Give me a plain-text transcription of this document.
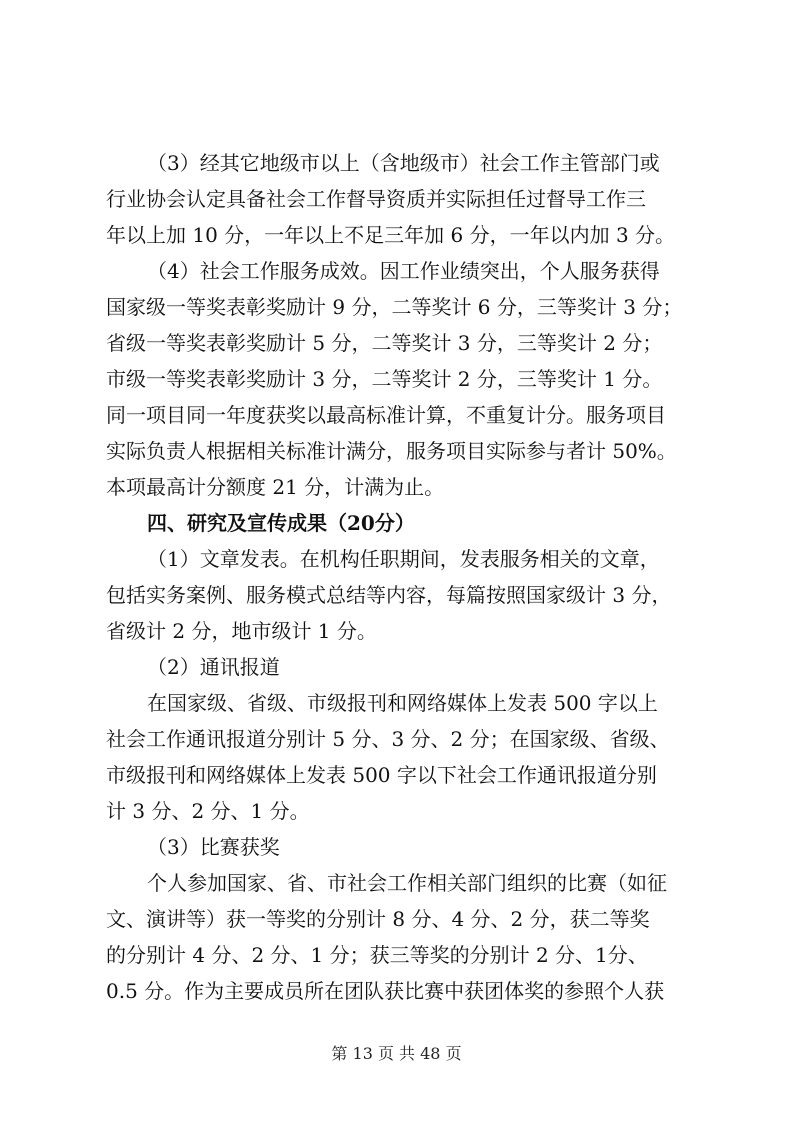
（3）经其它地级市以上（含地级市）社会工作主管部门或
行业协会认定具备社会工作督导资质并实际担任过督导工作三
年以上加 10 分，一年以上不足三年加 6 分，一年以内加 3 分。
（4）社会工作服务成效。因工作业绩突出，个人服务获得
国家级一等奖表彰奖励计 9 分，二等奖计 6 分，三等奖计 3 分；
省级一等奖表彰奖励计 5 分，二等奖计 3 分，三等奖计 2 分；
市级一等奖表彰奖励计 3 分，二等奖计 2 分，三等奖计 1 分。
同一项目同一年度获奖以最高标准计算，不重复计分。服务项目
实际负责人根据相关标准计满分，服务项目实际参与者计 50%。
本项最高计分额度 21 分，计满为止。
四、研究及宣传成果（20分）
（1）文章发表。在机构任职期间，发表服务相关的文章，
包括实务案例、服务模式总结等内容，每篇按照国家级计 3 分，
省级计 2 分，地市级计 1 分。
（2）通讯报道
在国家级、省级、市级报刊和网络媒体上发表 500 字以上
社会工作通讯报道分别计 5 分、3 分、2 分；在国家级、省级、
市级报刊和网络媒体上发表 500 字以下社会工作通讯报道分别
计 3 分、2 分、1 分。
（3）比赛获奖
个人参加国家、省、市社会工作相关部门组织的比赛（如征
文、演讲等）获一等奖的分别计 8 分、4 分、2 分，获二等奖
的分别计 4 分、2 分、1 分；获三等奖的分别计 2 分、1分、
0.5 分。作为主要成员所在团队获比赛中获团体奖的参照个人获
第 13 页 共 48 页
